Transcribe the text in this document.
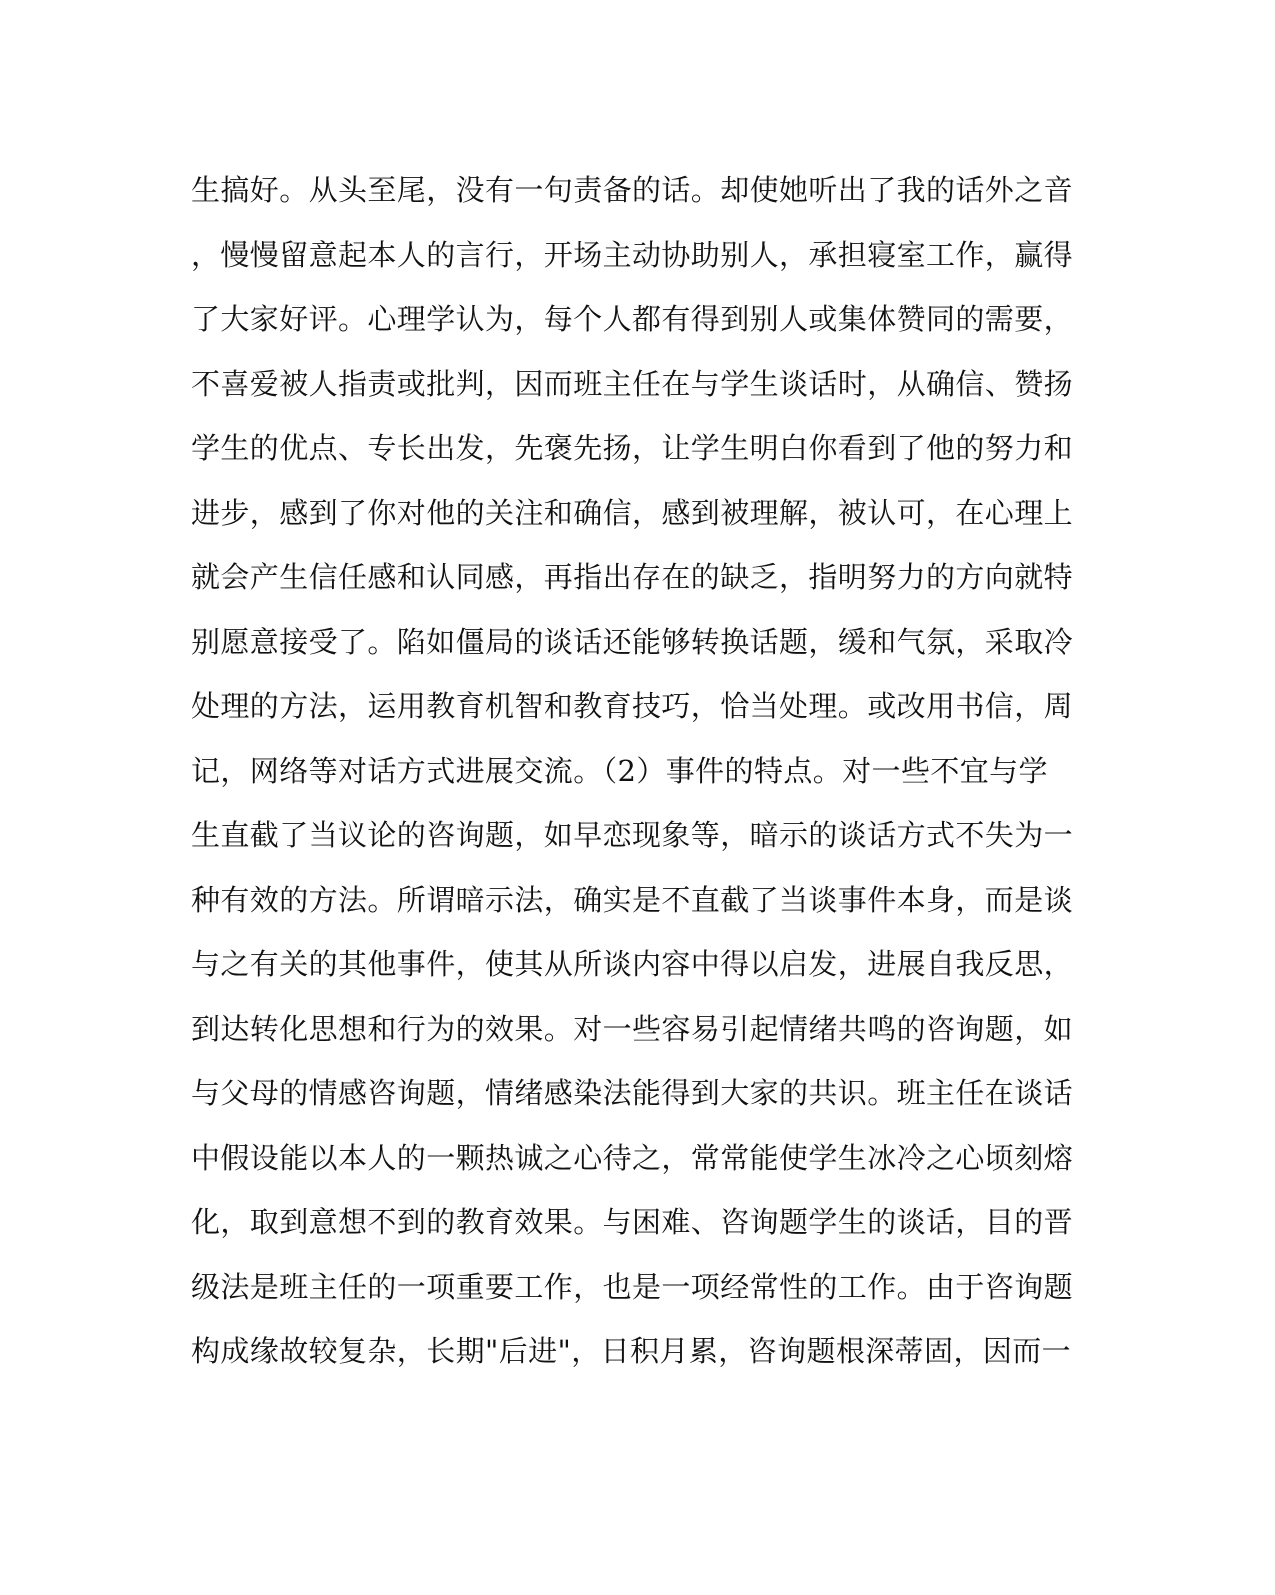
生搞好。从头至尾，没有一句责备的话。却使她听出了我的话外之音
，慢慢留意起本人的言行，开场主动协助别人，承担寝室工作，赢得
了大家好评。心理学认为，每个人都有得到别人或集体赞同的需要，
不喜爱被人指责或批判，因而班主任在与学生谈话时，从确信、赞扬
学生的优点、专长出发，先褒先扬，让学生明白你看到了他的努力和
进步，感到了你对他的关注和确信，感到被理解，被认可，在心理上
就会产生信任感和认同感，再指出存在的缺乏，指明努力的方向就特
别愿意接受了。陷如僵局的谈话还能够转换话题，缓和气氛，采取冷
处理的方法，运用教育机智和教育技巧，恰当处理。或改用书信，周
记，网络等对话方式进展交流。（2）事件的特点。对一些不宜与学
生直截了当议论的咨询题，如早恋现象等，暗示的谈话方式不失为一
种有效的方法。所谓暗示法，确实是不直截了当谈事件本身，而是谈
与之有关的其他事件，使其从所谈内容中得以启发，进展自我反思，
到达转化思想和行为的效果。对一些容易引起情绪共鸣的咨询题，如
与父母的情感咨询题，情绪感染法能得到大家的共识。班主任在谈话
中假设能以本人的一颗热诚之心待之，常常能使学生冰冷之心顷刻熔
化，取到意想不到的教育效果。与困难、咨询题学生的谈话，目的晋
级法是班主任的一项重要工作，也是一项经常性的工作。由于咨询题
构成缘故较复杂，长期"后进"，日积月累，咨询题根深蒂固，因而一
